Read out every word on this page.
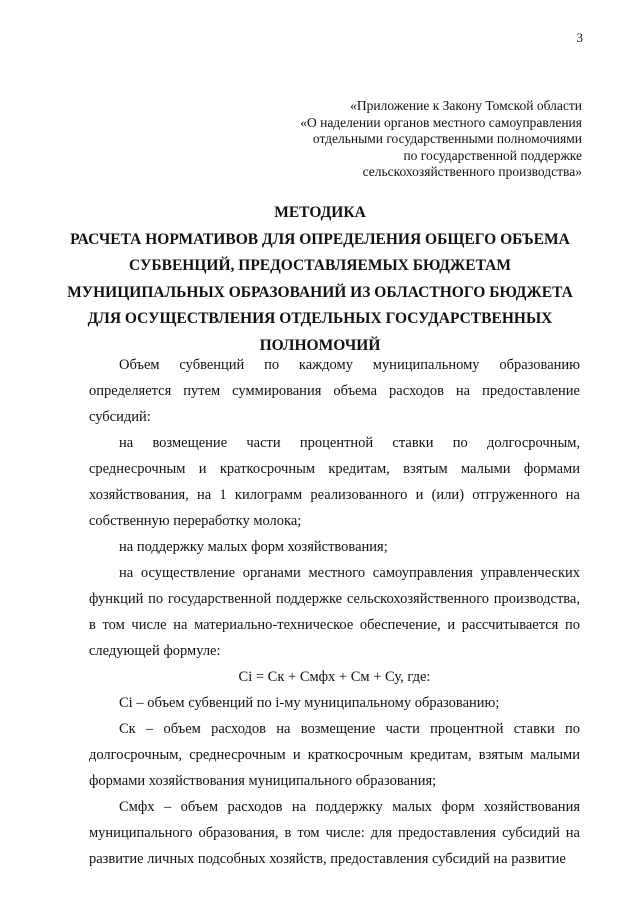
3
«Приложение к Закону Томской области
«О наделении органов местного самоуправления
отдельными государственными полномочиями
по государственной поддержке
сельскохозяйственного производства»
МЕТОДИКА
РАСЧЕТА НОРМАТИВОВ ДЛЯ ОПРЕДЕЛЕНИЯ ОБЩЕГО ОБЪЕМА
СУБВЕНЦИЙ, ПРЕДОСТАВЛЯЕМЫХ БЮДЖЕТАМ
МУНИЦИПАЛЬНЫХ ОБРАЗОВАНИЙ ИЗ ОБЛАСТНОГО БЮДЖЕТА
ДЛЯ ОСУЩЕСТВЛЕНИЯ ОТДЕЛЬНЫХ ГОСУДАРСТВЕННЫХ
ПОЛНОМОЧИЙ

Объем субвенций по каждому муниципальному образованию определяется путем суммирования объема расходов на предоставление субсидий:

на возмещение части процентной ставки по долгосрочным, среднесрочным и краткосрочным кредитам, взятым малыми формами хозяйствования, на 1 килограмм реализованного и (или) отгруженного на собственную переработку молока;

на поддержку малых форм хозяйствования;

на осуществление органами местного самоуправления управленческих функций по государственной поддержке сельскохозяйственного производства, в том числе на материально-техническое обеспечение, и рассчитывается по следующей формуле:

Ci = Ск + Смфх + См + Су, где:

Ci – объем субвенций по i-му муниципальному образованию;

Ск – объем расходов на возмещение части процентной ставки по долгосрочным, среднесрочным и краткосрочным кредитам, взятым малыми формами хозяйствования муниципального образования;

Смфх – объем расходов на поддержку малых форм хозяйствования муниципального образования, в том числе: для предоставления субсидий на развитие личных подсобных хозяйств, предоставления субсидий на развитие
